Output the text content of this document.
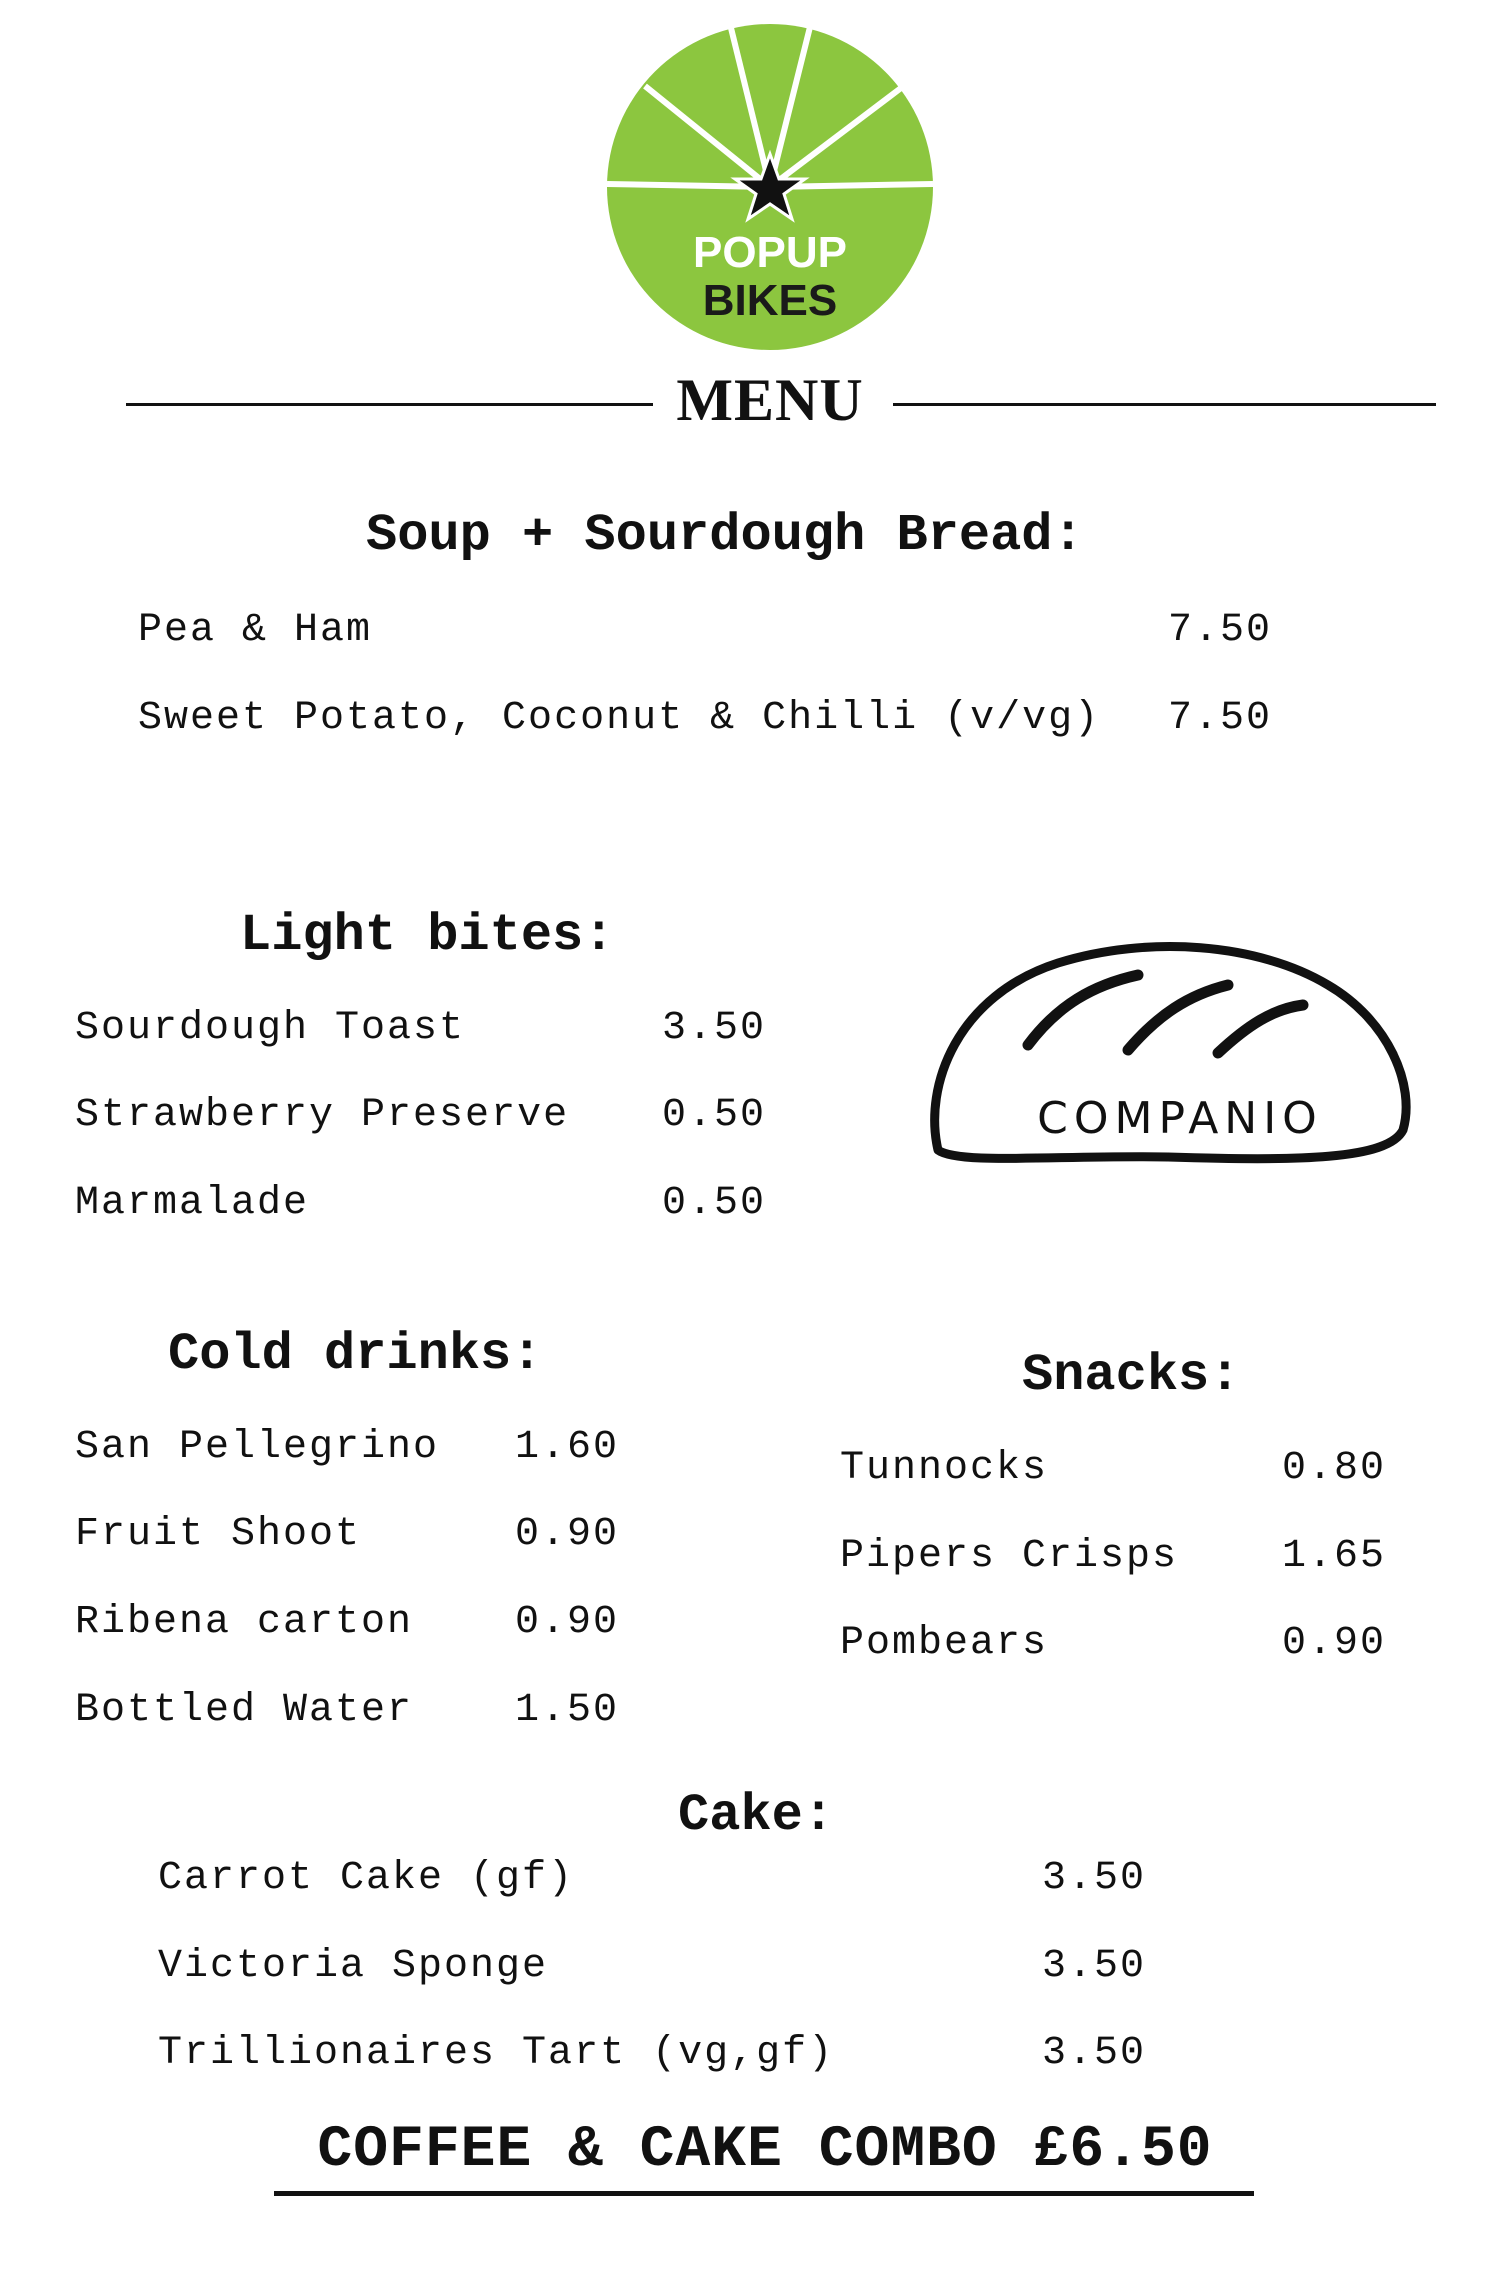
POPUP
BIKES
MENU
Soup + Sourdough Bread:
Pea & Ham	7.50
Sweet Potato, Coconut & Chilli (v/vg) 7.50
Light bites:
Sourdough Toast	3.50
Strawberry Preserve 0.50
Marmalade	0.50
COMPANIO
Cold drinks:
San Pellegrino 1.60
Fruit Shoot	0.90
Ribena carton	0.90
Bottled Water	1.50
Snacks:
Tunnocks	0.80
Pipers Crisps	1.65
Pombears	0.90
Cake:
Carrot Cake (gf)	3.50
Victoria Sponge	3.50
Trillionaires Tart (vg,gf)	3.50
COFFEE & CAKE COMBO £6.50
